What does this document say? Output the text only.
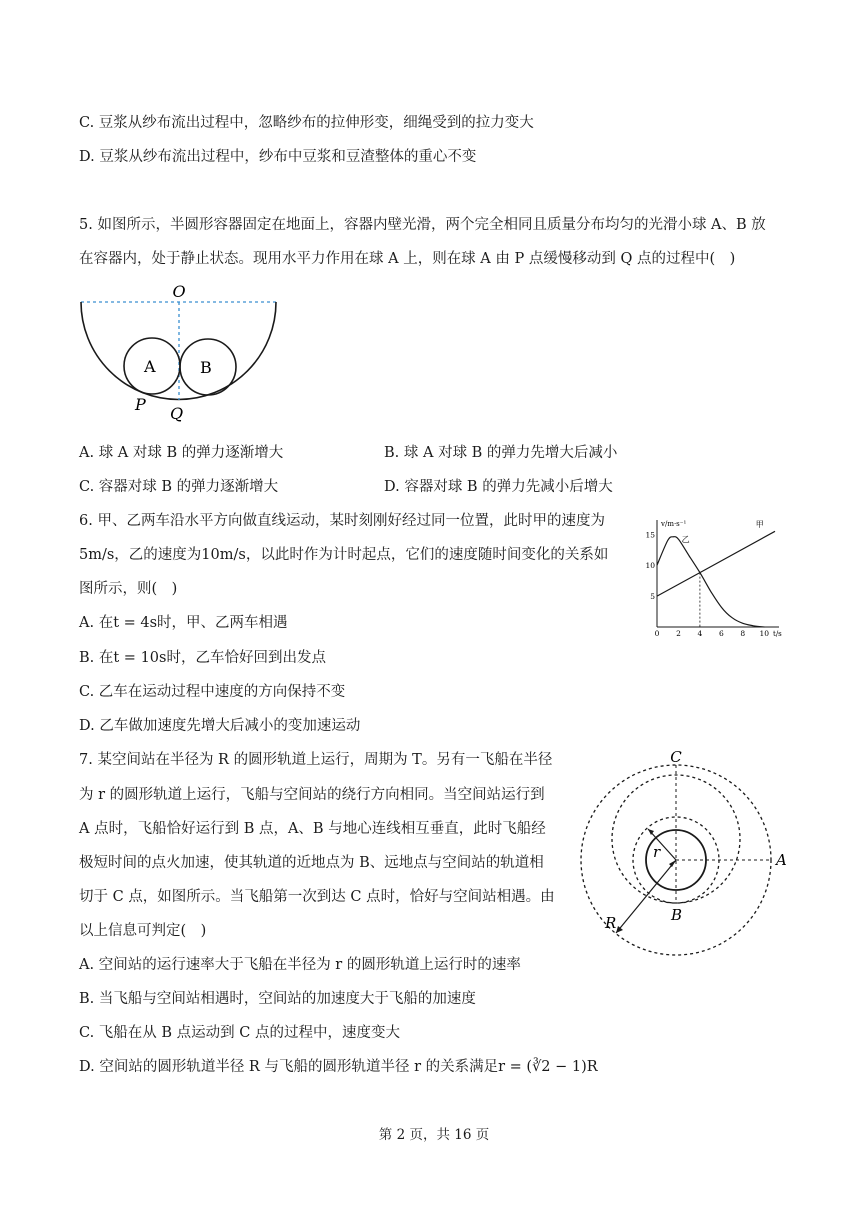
C. 豆浆从纱布流出过程中，忽略纱布的拉伸形变，细绳受到的拉力变大
D. 豆浆从纱布流出过程中，纱布中豆浆和豆渣整体的重心不变
5. 如图所示，半圆形容器固定在地面上，容器内壁光滑，两个完全相同且质量分布均匀的光滑小球 A、B 放
在容器内，处于静止状态。现用水平力作用在球 A 上，则在球 A 由 P 点缓慢移动到 Q 点的过程中(　)
O
A	B
P Q
A. 球 A 对球 B 的弹力逐渐增大	B. 球 A 对球 B 的弹力先增大后减小
C. 容器对球 B 的弹力逐渐增大	D. 容器对球 B 的弹力先减小后增大
6. 甲、乙两车沿水平方向做直线运动，某时刻刚好经过同一位置，此时甲的速度为
5m/s，乙的速度为10m/s，以此时作为计时起点，它们的速度随时间变化的关系如
图所示，则(　)
A. 在t = 4s时，甲、乙两车相遇
B. 在t = 10s时，乙车恰好回到出发点
C. 乙车在运动过程中速度的方向保持不变
D. 乙车做加速度先增大后减小的变加速运动
v/m·s⁻¹
t/s
0 2 4 6 8 10
5
10
15
甲
乙
7. 某空间站在半径为 R 的圆形轨道上运行，周期为 T。另有一飞船在半径
为 r 的圆形轨道上运行，飞船与空间站的绕行方向相同。当空间站运行到
A 点时，飞船恰好运行到 B 点，A、B 与地心连线相互垂直，此时飞船经
极短时间的点火加速，使其轨道的近地点为 B、远地点与空间站的轨道相
切于 C 点，如图所示。当飞船第一次到达 C 点时，恰好与空间站相遇。由
以上信息可判定(　)
C
A
B
r
R
A. 空间站的运行速率大于飞船在半径为 r 的圆形轨道上运行时的速率
B. 当飞船与空间站相遇时，空间站的加速度大于飞船的加速度
C. 飞船在从 B 点运动到 C 点的过程中，速度变大
D. 空间站的圆形轨道半径 R 与飞船的圆形轨道半径 r 的关系满足r = (∛2 − 1)R
第 2 页，共 16 页
